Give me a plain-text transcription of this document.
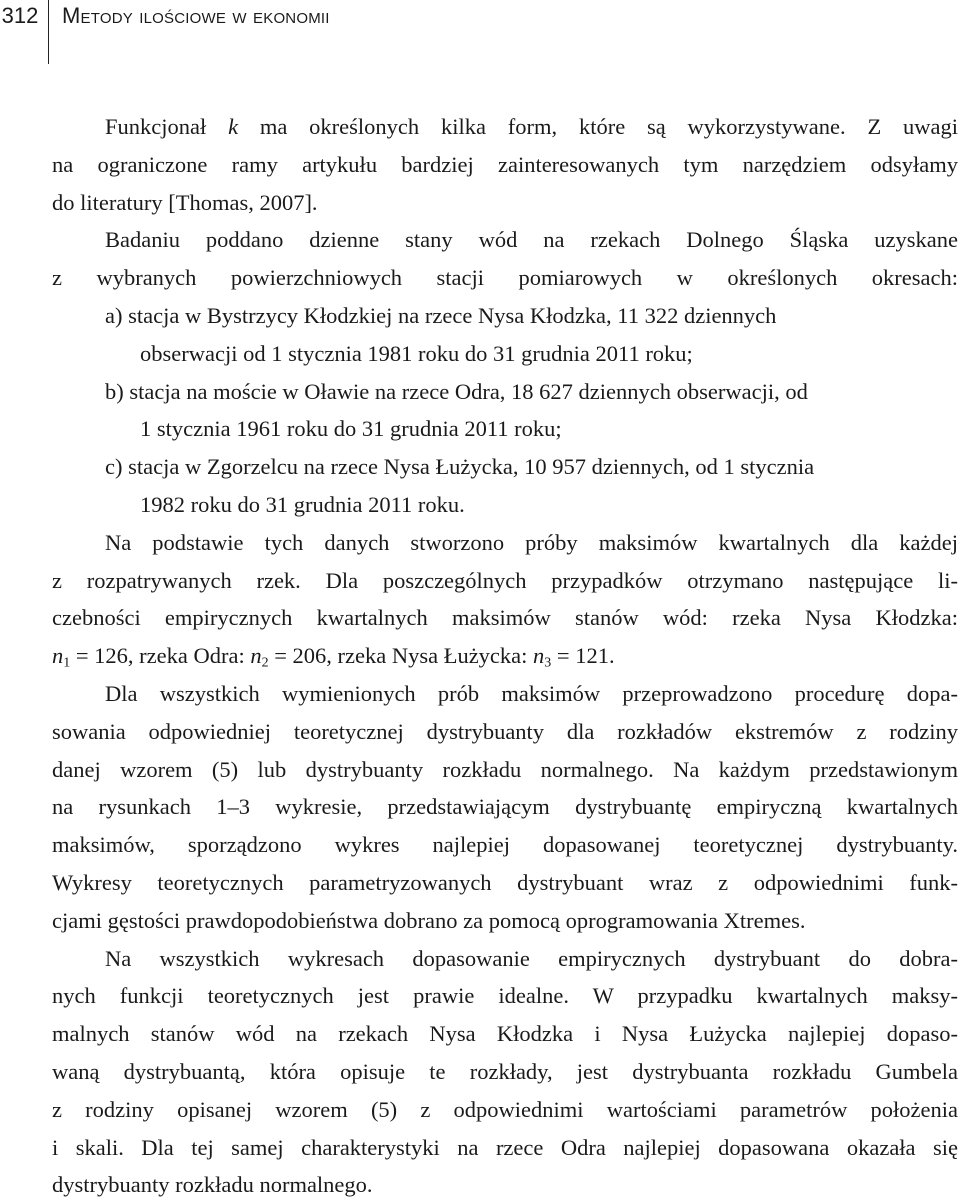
312 Metody ilościowe w ekonomii
Funkcjonał k ma określonych kilka form, które są wykorzystywane. Z uwagi
na ograniczone ramy artykułu bardziej zainteresowanych tym narzędziem odsyłamy
do literatury [Thomas, 2007].
Badaniu poddano dzienne stany wód na rzekach Dolnego Śląska uzyskane
z wybranych powierzchniowych stacji pomiarowych w określonych okresach:
a) stacja w Bystrzycy Kłodzkiej na rzece Nysa Kłodzka, 11 322 dziennych
obserwacji od 1 stycznia 1981 roku do 31 grudnia 2011 roku;
b) stacja na moście w Oławie na rzece Odra, 18 627 dziennych obserwacji, od
1 stycznia 1961 roku do 31 grudnia 2011 roku;
c) stacja w Zgorzelcu na rzece Nysa Łużycka, 10 957 dziennych, od 1 stycznia
1982 roku do 31 grudnia 2011 roku.
Na podstawie tych danych stworzono próby maksimów kwartalnych dla każdej
z rozpatrywanych rzek. Dla poszczególnych przypadków otrzymano następujące li-
czebności empirycznych kwartalnych maksimów stanów wód: rzeka Nysa Kłodzka:
$n_1 = 126$, rzeka Odra: $n_2 = 206$, rzeka Nysa Łużycka: $n_3 = 121$.
Dla wszystkich wymienionych prób maksimów przeprowadzono procedurę dopa-
sowania odpowiedniej teoretycznej dystrybuanty dla rozkładów ekstremów z rodziny
danej wzorem (5) lub dystrybuanty rozkładu normalnego. Na każdym przedstawionym
na rysunkach 1–3 wykresie, przedstawiającym dystrybuantę empiryczną kwartalnych
maksimów, sporządzono wykres najlepiej dopasowanej teoretycznej dystrybuanty.
Wykresy teoretycznych parametryzowanych dystrybuant wraz z odpowiednimi funk-
cjami gęstości prawdopodobieństwa dobrano za pomocą oprogramowania Xtremes.
Na wszystkich wykresach dopasowanie empirycznych dystrybuant do dobra-
nych funkcji teoretycznych jest prawie idealne. W przypadku kwartalnych maksy-
malnych stanów wód na rzekach Nysa Kłodzka i Nysa Łużycka najlepiej dopaso-
waną dystrybuantą, która opisuje te rozkłady, jest dystrybuanta rozkładu Gumbela
z rodziny opisanej wzorem (5) z odpowiednimi wartościami parametrów położenia
i skali. Dla tej samej charakterystyki na rzece Odra najlepiej dopasowana okazała się
dystrybuanty rozkładu normalnego.
